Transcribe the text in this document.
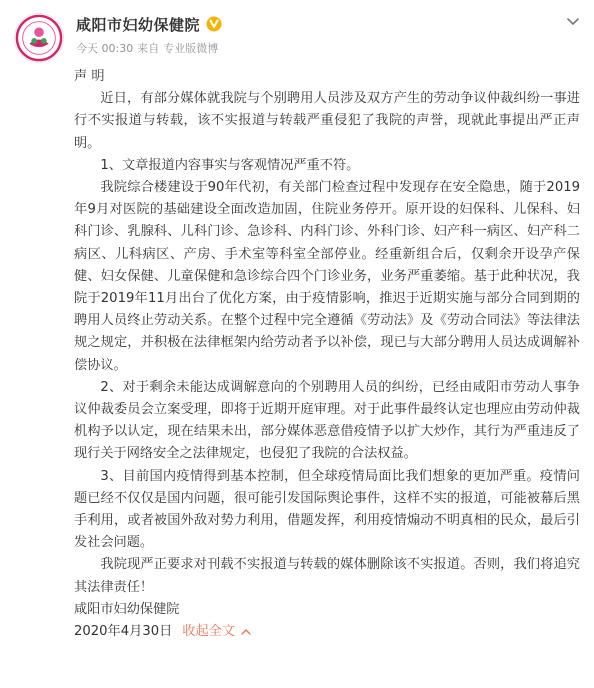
咸阳市妇幼保健院
今天 00:30 来自 专业版微博

声 明

近日，有部分媒体就我院与个别聘用人员涉及双方产生的劳动争议仲裁纠纷一事进行不实报道与转载，该不实报道与转载严重侵犯了我院的声誉，现就此事提出严正声明。

1、文章报道内容事实与客观情况严重不符。

我院综合楼建设于90年代初，有关部门检查过程中发现存在安全隐患，随于2019年9月对医院的基础建设全面改造加固，住院业务停开。原开设的妇保科、儿保科、妇科门诊、乳腺科、儿科门诊、急诊科、内科门诊、外科门诊、妇产科一病区、妇产科二病区、儿科病区、产房、手术室等科室全部停业。经重新组合后，仅剩余开设孕产保健、妇女保健、儿童保健和急诊综合四个门诊业务，业务严重萎缩。基于此种状况，我院于2019年11月出台了优化方案，由于疫情影响，推迟于近期实施与部分合同到期的聘用人员终止劳动关系。在整个过程中完全遵循《劳动法》及《劳动合同法》等法律法规之规定，并积极在法律框架内给劳动者予以补偿，现已与大部分聘用人员达成调解补偿协议。

2、对于剩余未能达成调解意向的个别聘用人员的纠纷，已经由咸阳市劳动人事争议仲裁委员会立案受理，即将于近期开庭审理。对于此事件最终认定也理应由劳动仲裁机构予以认定，现在结果未出，部分媒体恶意借疫情予以扩大炒作，其行为严重违反了现行关于网络安全之法律规定，也侵犯了我院的合法权益。

3、目前国内疫情得到基本控制，但全球疫情局面比我们想象的更加严重。疫情问题已经不仅仅是国内问题，很可能引发国际舆论事件，这样不实的报道，可能被幕后黑手利用，或者被国外敌对势力利用，借题发挥，利用疫情煽动不明真相的民众，最后引发社会问题。

我院现严正要求对刊载不实报道与转载的媒体删除该不实报道。否则，我们将追究其法律责任！

咸阳市妇幼保健院

2020年4月30日 收起全文
